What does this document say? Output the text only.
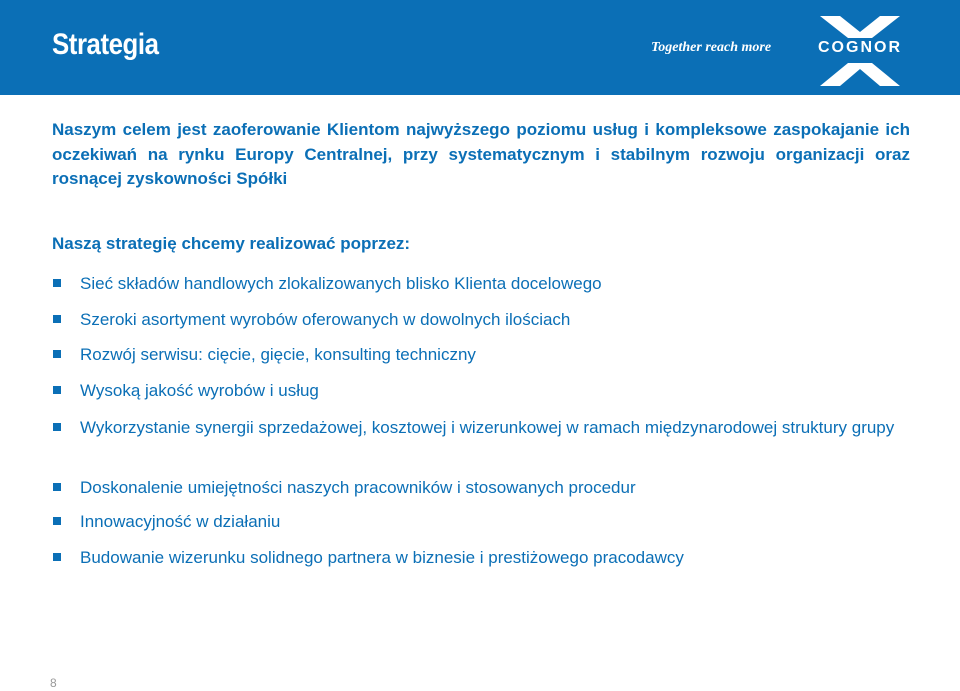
Strategia	Together reach more	COGNOR
Naszym celem jest zaoferowanie Klientom najwyższego poziomu usług i kompleksowe zaspokajanie ich oczekiwań na rynku Europy Centralnej, przy systematycznym i stabilnym rozwoju organizacji oraz rosnącej zyskowności Spółki
Naszą strategię chcemy realizować poprzez:
Sieć składów handlowych zlokalizowanych blisko Klienta docelowego
Szeroki asortyment wyrobów oferowanych w dowolnych ilościach
Rozwój serwisu: cięcie, gięcie, konsulting techniczny
Wysoką jakość wyrobów i usług
Wykorzystanie synergii sprzedażowej, kosztowej i wizerunkowej w ramach międzynarodowej struktury grupy
Doskonalenie umiejętności naszych pracowników i stosowanych procedur
Innowacyjność w działaniu
Budowanie wizerunku solidnego partnera w biznesie i prestiżowego pracodawcy
8
